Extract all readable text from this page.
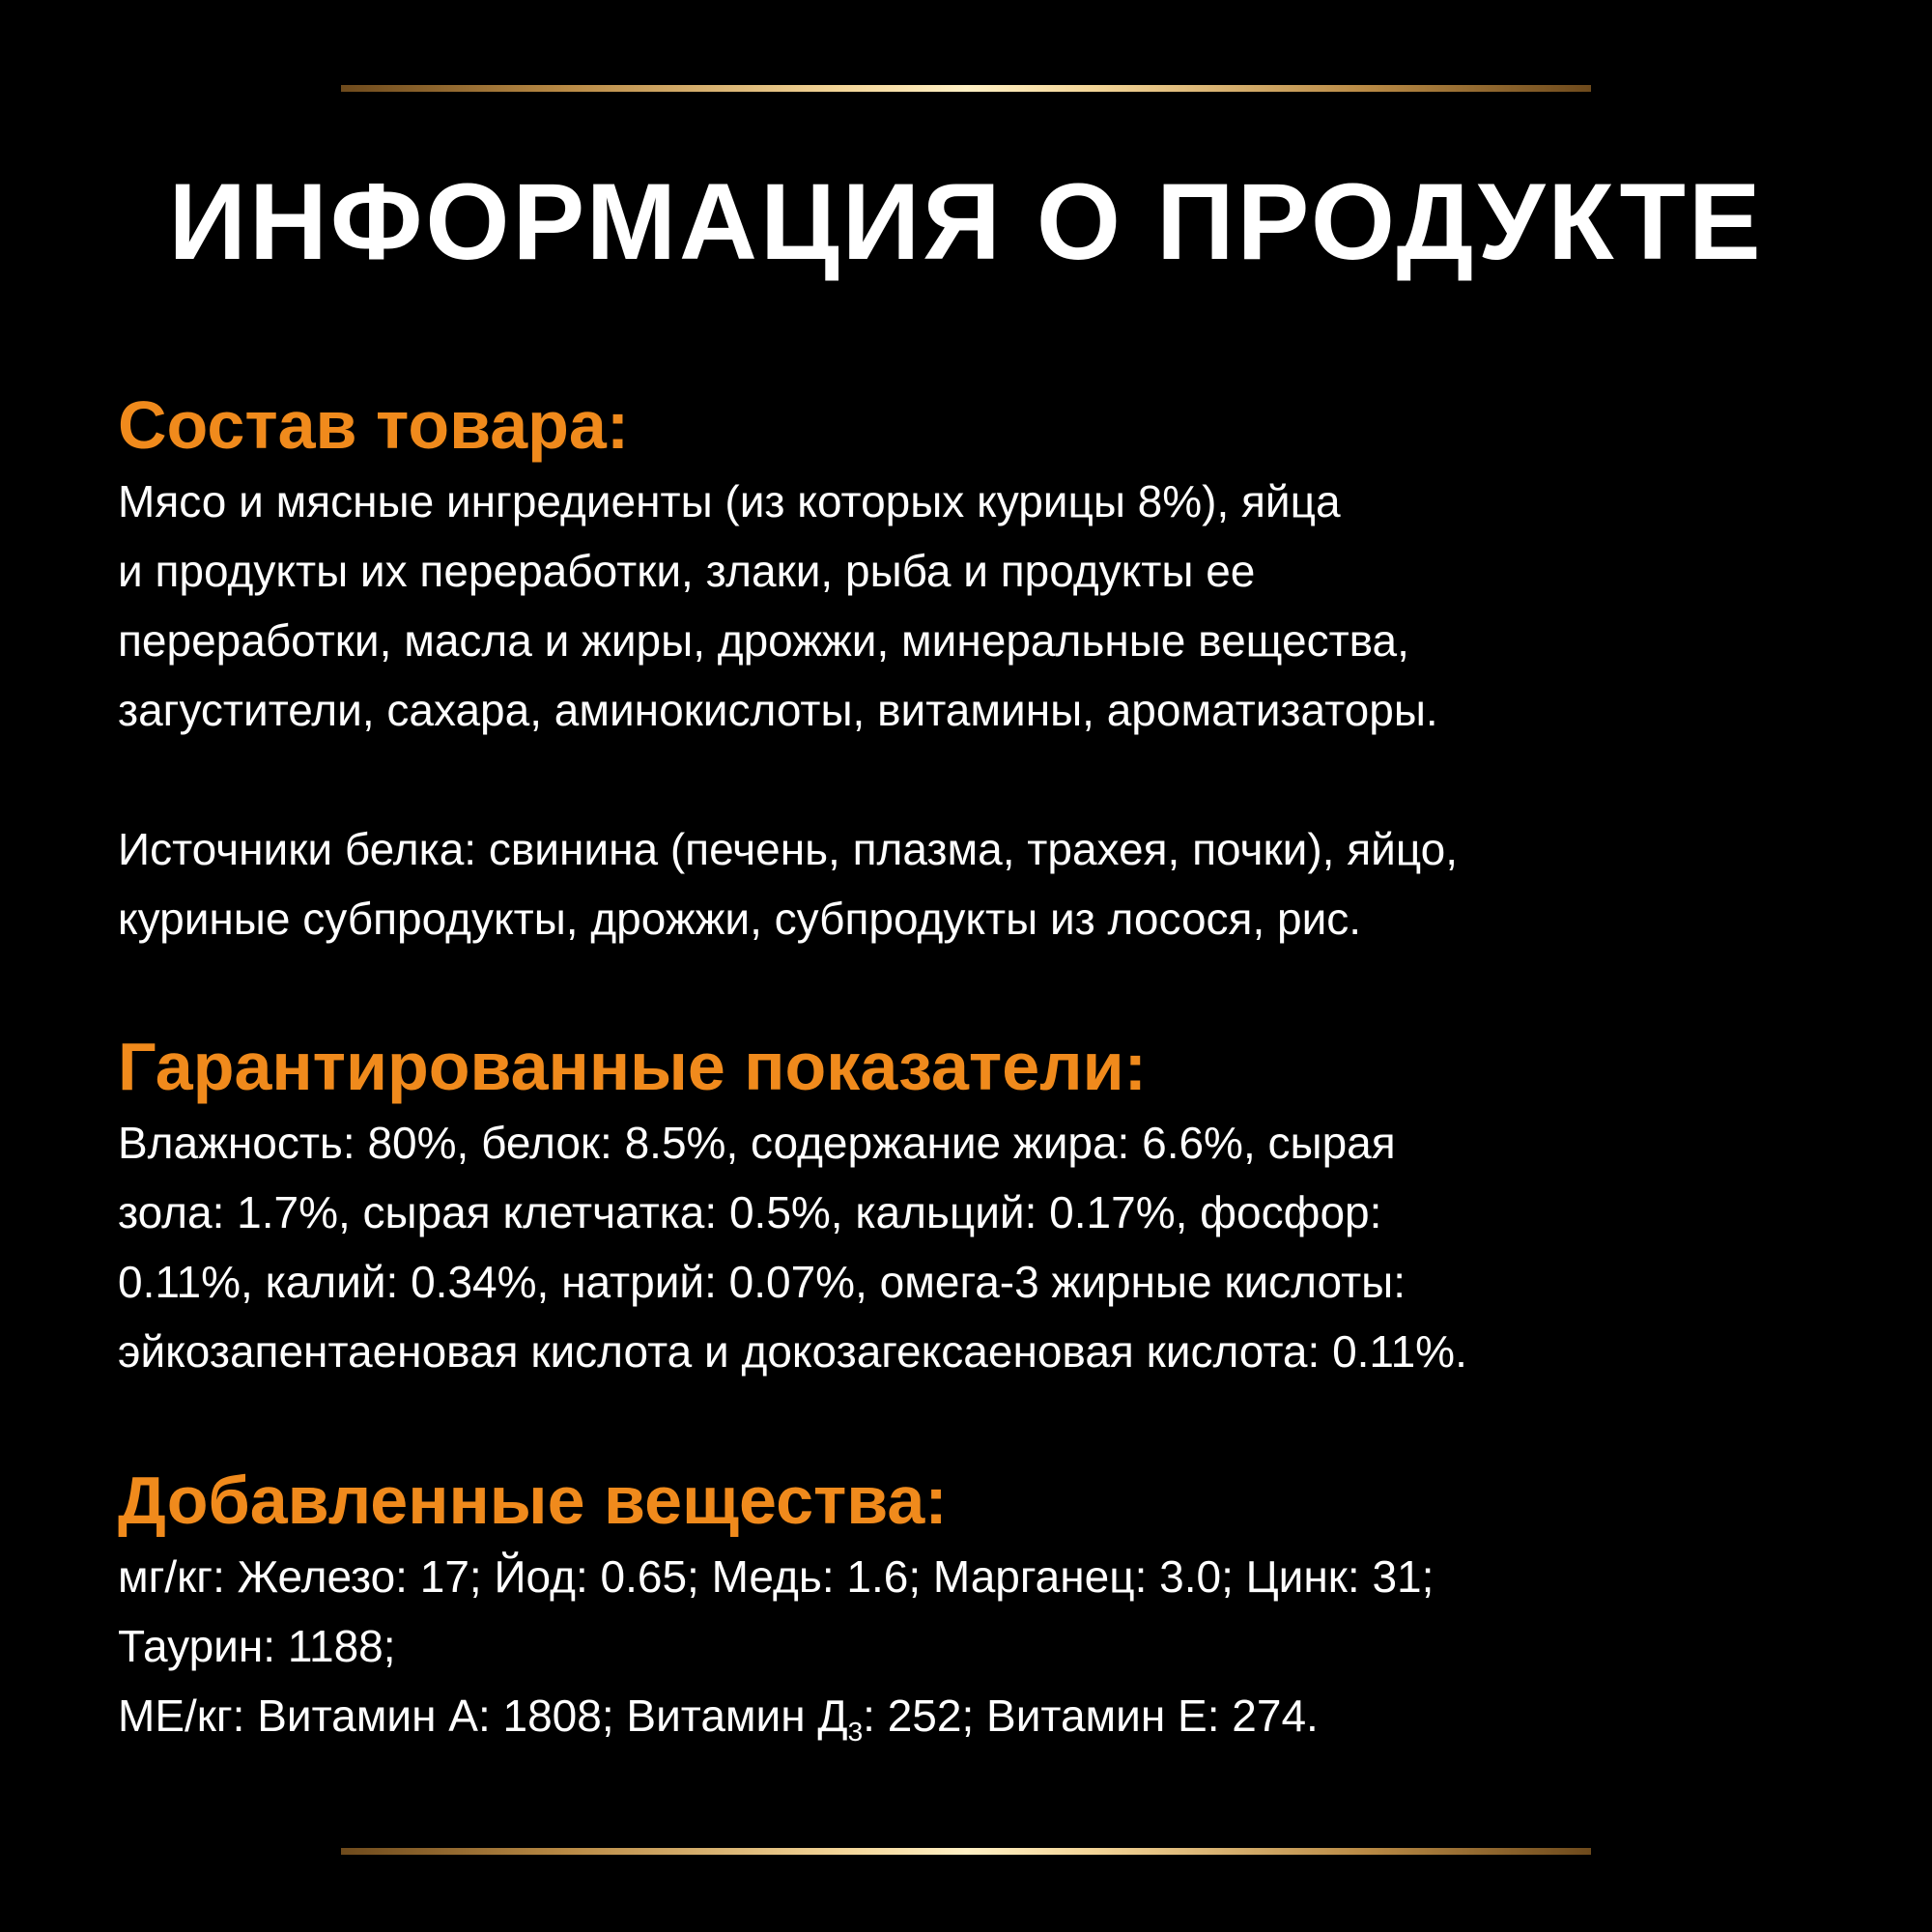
ИНФОРМАЦИЯ О ПРОДУКТЕ
Состав товара:
Мясо и мясные ингредиенты (из которых курицы 8%), яйца
и продукты их переработки, злаки, рыба и продукты ее
переработки, масла и жиры, дрожжи, минеральные вещества,
загустители, сахара, аминокислоты, витамины, ароматизаторы.
Источники белка: свинина (печень, плазма, трахея, почки), яйцо,
куриные субпродукты, дрожжи, субпродукты из лосося, рис.
Гарантированные показатели:
Влажность: 80%, белок: 8.5%, содержание жира: 6.6%, сырая
зола: 1.7%, сырая клетчатка: 0.5%, кальций: 0.17%, фосфор:
0.11%, калий: 0.34%, натрий: 0.07%, омега-3 жирные кислоты:
эйкозапентаеновая кислота и докозагексаеновая кислота: 0.11%.
Добавленные вещества:
мг/кг: Железо: 17; Йод: 0.65; Медь: 1.6; Марганец: 3.0; Цинк: 31;
Таурин: 1188;
МЕ/кг: Витамин А: 1808; Витамин $Д_3$: 252; Витамин Е: 274.
